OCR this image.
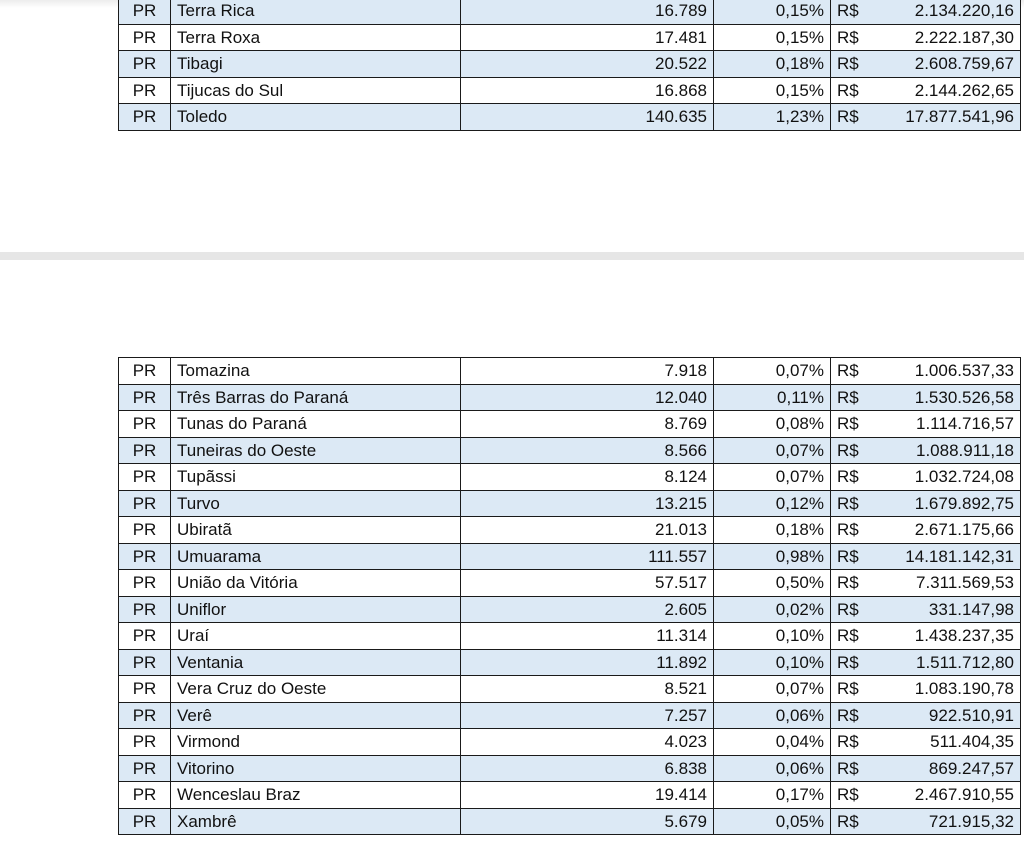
PR	Terra Rica	16.789	0,15%	R$	2.134.220,16
PR	Terra Roxa	17.481	0,15%	R$	2.222.187,30
PR	Tibagi	20.522	0,18%	R$	2.608.759,67
PR	Tijucas do Sul	16.868	0,15%	R$	2.144.262,65
PR	Toledo	140.635	1,23%	R$	17.877.541,96
PR	Tomazina	7.918	0,07%	R$	1.006.537,33
PR	Três Barras do Paraná	12.040	0,11%	R$	1.530.526,58
PR	Tunas do Paraná	8.769	0,08%	R$	1.114.716,57
PR	Tuneiras do Oeste	8.566	0,07%	R$	1.088.911,18
PR	Tupãssi	8.124	0,07%	R$	1.032.724,08
PR	Turvo	13.215	0,12%	R$	1.679.892,75
PR	Ubiratã	21.013	0,18%	R$	2.671.175,66
PR	Umuarama	111.557	0,98%	R$	14.181.142,31
PR	União da Vitória	57.517	0,50%	R$	7.311.569,53
PR	Uniflor	2.605	0,02%	R$	331.147,98
PR	Uraí	11.314	0,10%	R$	1.438.237,35
PR	Ventania	11.892	0,10%	R$	1.511.712,80
PR	Vera Cruz do Oeste	8.521	0,07%	R$	1.083.190,78
PR	Verê	7.257	0,06%	R$	922.510,91
PR	Virmond	4.023	0,04%	R$	511.404,35
PR	Vitorino	6.838	0,06%	R$	869.247,57
PR	Wenceslau Braz	19.414	0,17%	R$	2.467.910,55
PR	Xambrê	5.679	0,05%	R$	721.915,32
